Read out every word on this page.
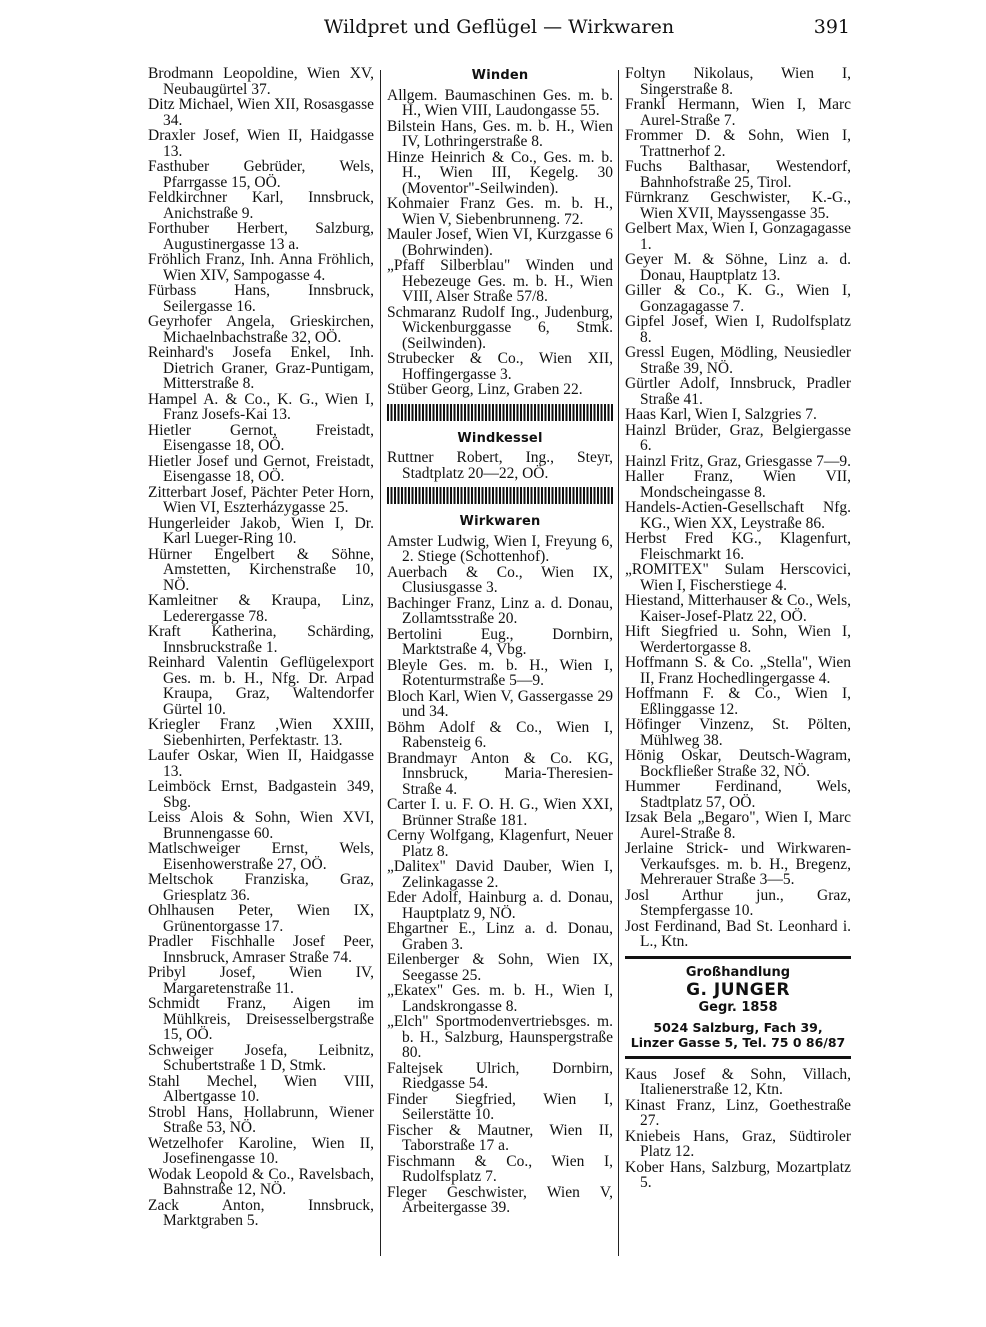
Wildpret und Geflügel — Wirkwaren	391

Brodmann Leopoldine, Wien XV, Neubaugürtel 37.

Ditz Michael, Wien XII, Rosasgasse 34.

Draxler Josef, Wien II, Haidgasse 13.

Fasthuber Gebrüder, Wels, Pfarrgasse 15, OÖ.

Feldkirchner Karl, Innsbruck, Anichstraße 9.

Forthuber Herbert, Salzburg, Augustinergasse 13 a.

Fröhlich Franz, Inh. Anna Fröhlich, Wien XIV, Sampogasse 4.

Fürbass Hans, Innsbruck, Seilergasse 16.

Geyrhofer Angela, Grieskirchen, Michaelnbachstraße 32, OÖ.

Reinhard's Josefa Enkel, Inh. Dietrich Graner, Graz-Puntigam, Mitterstraße 8.

Hampel A. & Co., K. G., Wien I, Franz Josefs-Kai 13.

Hietler Gernot, Freistadt, Eisengasse 18, OÖ.

Hietler Josef und Gernot, Freistadt, Eisengasse 18, OÖ.

Zitterbart Josef, Pächter Peter Horn, Wien VI, Eszterházygasse 25.

Hungerleider Jakob, Wien I, Dr. Karl Lueger-Ring 10.

Hürner Engelbert & Söhne, Amstetten, Kirchenstraße 10, NÖ.

Kamleitner & Kraupa, Linz, Lederergasse 78.

Kraft Katherina, Schärding, Innsbruckstraße 1.

Reinhard Valentin Geflügelexport Ges. m. b. H., Nfg. Dr. Arpad Kraupa, Graz, Waltendorfer Gürtel 10.

Kriegler Franz ,Wien XXIII, Siebenhirten, Perfektastr. 13.

Laufer Oskar, Wien II, Haidgasse 13.

Leimböck Ernst, Badgastein 349, Sbg.

Leiss Alois & Sohn, Wien XVI, Brunnengasse 60.

Matlschweiger Ernst, Wels, Eisenhowerstraße 27, OÖ.

Meltschok Franziska, Graz, Griesplatz 36.

Ohlhausen Peter, Wien IX, Grünentorgasse 17.

Pradler Fischhalle Josef Peer, Innsbruck, Amraser Straße 74.

Pribyl Josef, Wien IV, Margaretenstraße 11.

Schmidt Franz, Aigen im Mühlkreis, Dreisesselbergstraße 15, OÖ.

Schweiger Josefa, Leibnitz, Schubertstraße 1 D, Stmk.

Stahl Mechel, Wien VIII, Albertgasse 10.

Strobl Hans, Hollabrunn, Wiener Straße 53, NÖ.

Wetzelhofer Karoline, Wien II, Josefinengasse 10.

Wodak Leopold & Co., Ravelsbach, Bahnstraße 12, NÖ.

Zack Anton, Innsbruck, Marktgraben 5.

Winden

Allgem. Baumaschinen Ges. m. b. H., Wien VIII, Laudongasse 55.

Bilstein Hans, Ges. m. b. H., Wien IV, Lothringerstraße 8.

Hinze Heinrich & Co., Ges. m. b. H., Wien III, Kegelg. 30 (Moventor"-Seilwinden).

Kohmaier Franz Ges. m. b. H., Wien V, Siebenbrunneng. 72.

Mauler Josef, Wien VI, Kurzgasse 6 (Bohrwinden).

„Pfaff Silberblau" Winden und Hebezeuge Ges. m. b. H., Wien VIII, Alser Straße 57/8.

Schmaranz Rudolf Ing., Judenburg, Wickenburggasse 6, Stmk. (Seilwinden).

Strubecker & Co., Wien XII, Hoffingergasse 3.

Stüber Georg, Linz, Graben 22.

Windkessel

Ruttner Robert, Ing., Steyr, Stadtplatz 20—22, OÖ.

Wirkwaren

Amster Ludwig, Wien I, Freyung 6, 2. Stiege (Schottenhof).

Auerbach & Co., Wien IX, Clusiusgasse 3.

Bachinger Franz, Linz a. d. Donau, Zollamtsstraße 20.

Bertolini Eug., Dornbirn, Marktstraße 4, Vbg.

Bleyle Ges. m. b. H., Wien I, Rotenturmstraße 5—9.

Bloch Karl, Wien V, Gassergasse 29 und 34.

Böhm Adolf & Co., Wien I, Rabensteig 6.

Brandmayr Anton & Co. KG, Innsbruck, Maria-Theresien-Straße 4.

Carter I. u. F. O. H. G., Wien XXI, Brünner Straße 181.

Cerny Wolfgang, Klagenfurt, Neuer Platz 8.

„Dalitex" David Dauber, Wien I, Zelinkagasse 2.

Eder Adolf, Hainburg a. d. Donau, Hauptplatz 9, NÖ.

Ehgartner E., Linz a. d. Donau, Graben 3.

Eilenberger & Sohn, Wien IX, Seegasse 25.

„Ekatex" Ges. m. b. H., Wien I, Landskrongasse 8.

„Elch" Sportmodenvertriebsges. m. b. H., Salzburg, Haunspergstraße 80.

Faltejsek Ulrich, Dornbirn, Riedgasse 54.

Finder Siegfried, Wien I, Seilerstätte 10.

Fischer & Mautner, Wien II, Taborstraße 17 a.

Fischmann & Co., Wien I, Rudolfsplatz 7.

Fleger Geschwister, Wien V, Arbeitergasse 39.

Foltyn Nikolaus, Wien I, Singerstraße 8.

Frankl Hermann, Wien I, Marc Aurel-Straße 7.

Frommer D. & Sohn, Wien I, Trattnerhof 2.

Fuchs Balthasar, Westendorf, Bahnhofstraße 25, Tirol.

Fürnkranz Geschwister, K.-G., Wien XVII, Mayssengasse 35.

Gelbert Max, Wien I, Gonzagagasse 1.

Geyer M. & Söhne, Linz a. d. Donau, Hauptplatz 13.

Giller & Co., K. G., Wien I, Gonzagagasse 7.

Gipfel Josef, Wien I, Rudolfsplatz 8.

Gressl Eugen, Mödling, Neusiedler Straße 39, NÖ.

Gürtler Adolf, Innsbruck, Pradler Straße 41.

Haas Karl, Wien I, Salzgries 7.

Hainzl Brüder, Graz, Belgiergasse 6.

Hainzl Fritz, Graz, Griesgasse 7—9.

Haller Franz, Wien VII, Mondscheingasse 8.

Handels-Actien-Gesellschaft Nfg. KG., Wien XX, Leystraße 86.

Herbst Fred KG., Klagenfurt, Fleischmarkt 16.

„ROMITEX" Sulam Herscovici, Wien I, Fischerstiege 4.

Hiestand, Mitterhauser & Co., Wels, Kaiser-Josef-Platz 22, OÖ.

Hift Siegfried u. Sohn, Wien I, Werdertorgasse 8.

Hoffmann S. & Co. „Stella", Wien II, Franz Hochedlingergasse 4.

Hoffmann F. & Co., Wien I, Eßlinggasse 12.

Höfinger Vinzenz, St. Pölten, Mühlweg 38.

Hönig Oskar, Deutsch-Wagram, Bockfließer Straße 32, NÖ.

Hummer Ferdinand, Wels, Stadtplatz 57, OÖ.

Izsak Bela „Begaro", Wien I, Marc Aurel-Straße 8.

Jerlaine Strick- und Wirkwaren-Verkaufsges. m. b. H., Bregenz, Mehrerauer Straße 3—5.

Josl Arthur jun., Graz, Stempfergasse 10.

Jost Ferdinand, Bad St. Leonhard i. L., Ktn.

Großhandlung
G. JUNGER
Gegr. 1858
5024 Salzburg, Fach 39,
Linzer Gasse 5, Tel. 75 0 86/87

Kaus Josef & Sohn, Villach, Italienerstraße 12, Ktn.

Kinast Franz, Linz, Goethestraße 27.

Kniebeis Hans, Graz, Südtiroler Platz 12.

Kober Hans, Salzburg, Mozartplatz 5.
